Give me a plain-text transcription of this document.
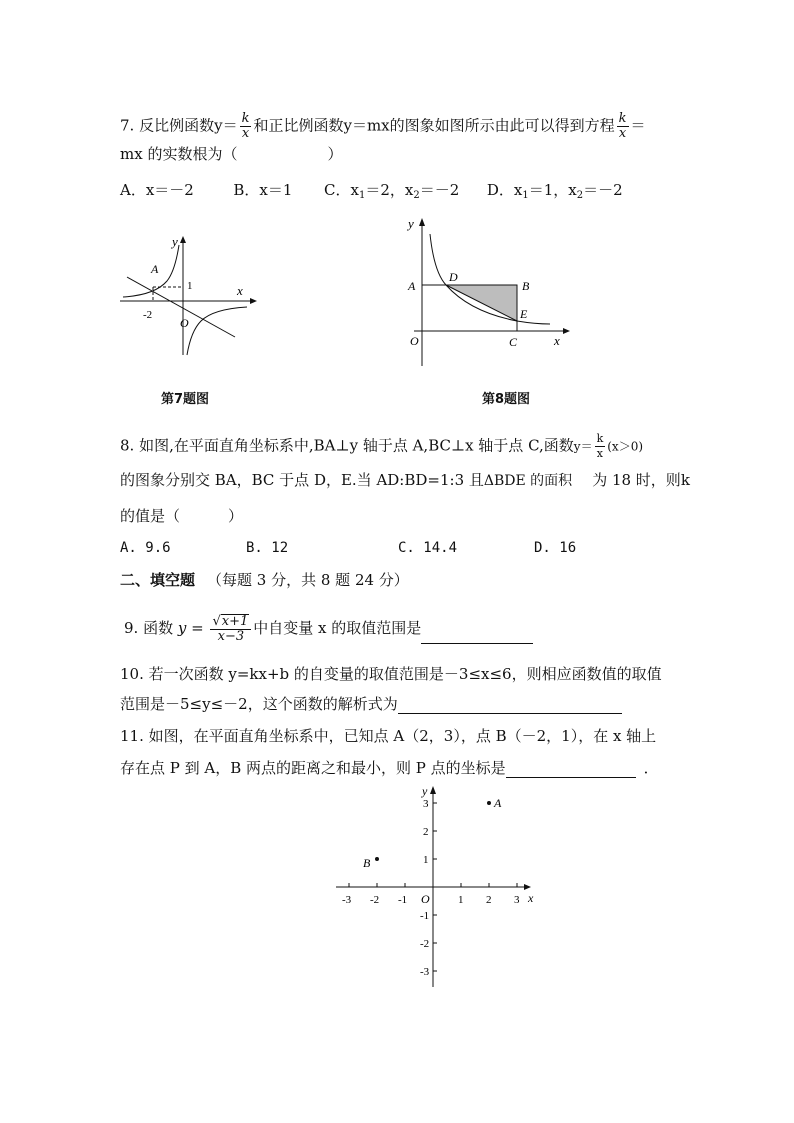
7. 反比例函数$y= \frac{k}{x}$ 和正比例函数y＝mx的图象如图所示由此可以得到方程 $\frac{k}{x}$ ＝
mx 的实数根为（	）
A．x＝－2	B．x＝1 C．$x_1=2$，$x_2=-2$ D．$x_1=1$，$x_2=-2$
y
x
A
1
-2
O
第7题图
y
x
A
D
B
E
O	C
第8题图
8. 如图,在平面直角坐标系中,BA⊥y 轴于点 A,BC⊥x 轴于点 C,函数$y= \frac{k}{x} (x>0)$
的图象分别交 BA，BC 于点 D，E.当 AD:BD=1:3 且ΔBDE 的面积 为 18 时，则k
的值是（	）
A. 9.6	B. 12	C. 14.4	D. 16
二、填空题 （每题 3 分，共 8 题 24 分）
9. 函数 $y = \frac{√x+1}{x-3}$ 中自变量 x 的取值范围是
10. 若一次函数 y=kx+b 的自变量的取值范围是－3≤x≤6，则相应函数值的取值
范围是－5≤y≤－2，这个函数的解析式为
11. 如图，在平面直角坐标系中，已知点 A（2，3），点 B（－2，1），在 x 轴上
存在点 P 到 A，B 两点的距离之和最小，则 P 点的坐标是	．
y
x
O
-3 -2 -1	1 2 3
3
2
1
-1
-2
-3
A
B
